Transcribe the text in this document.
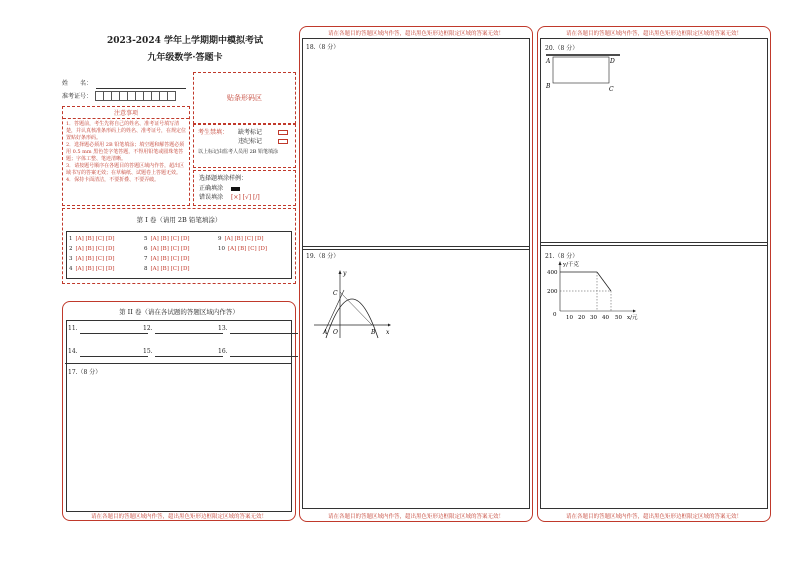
2023-2024 学年上学期期中模拟考试
九年级数学·答题卡
姓　　名：
准考证号：	贴条形码区
注意事项
1．答题前，考生先将自己的姓名、准考证号填写清楚，并认真核准条形码上的姓名、准考证号，在规定位置贴好条形码。
2．选择题必须用 2B 铅笔填涂；填空题和解答题必须用 0.5 mm 黑色签字笔答题，不得用铅笔或圆珠笔答题；字体工整、笔迹清晰。
3．请按题号顺序在各题目的答题区域内作答，超出区域书写的答案无效；在草稿纸、试题卷上答题无效。
4．保持卡面清洁，不要折叠、不要弄破。
考生禁填： 缺考标记
违纪标记
以上标记由监考人员用 2B 铅笔填涂
选择题填涂样例：
正确填涂
错误填涂 [×] [√] [/]
第 I 卷（请用 2B 铅笔填涂）
1 [A] [B] [C] [D]
2 [A] [B] [C] [D]
3 [A] [B] [C] [D]
4 [A] [B] [C] [D]
5 [A] [B] [C] [D]
6 [A] [B] [C] [D]
7 [A] [B] [C] [D]
8 [A] [B] [C] [D]
9 [A] [B] [C] [D]
10 [A] [B] [C] [D]
第 II 卷（请在各试题的答题区域内作答）
11.	12.	13.
14.	15.	16.
17.（8 分）
请在各题目的答题区域内作答，超出黑色矩形边框限定区域的答案无效！
请在各题目的答题区域内作答，超出黑色矩形边框限定区域的答案无效！
18.（8 分）
19.（8 分）
y
x
C
A O	B
请在各题目的答题区域内作答，超出黑色矩形边框限定区域的答案无效！
请在各题目的答题区域内作答，超出黑色矩形边框限定区域的答案无效！
20.（8 分）
A	D
B	C
21.（8 分）
y/千克
x/元
400
200
0 10 20 30 40 50
请在各题目的答题区域内作答，超出黑色矩形边框限定区域的答案无效！
